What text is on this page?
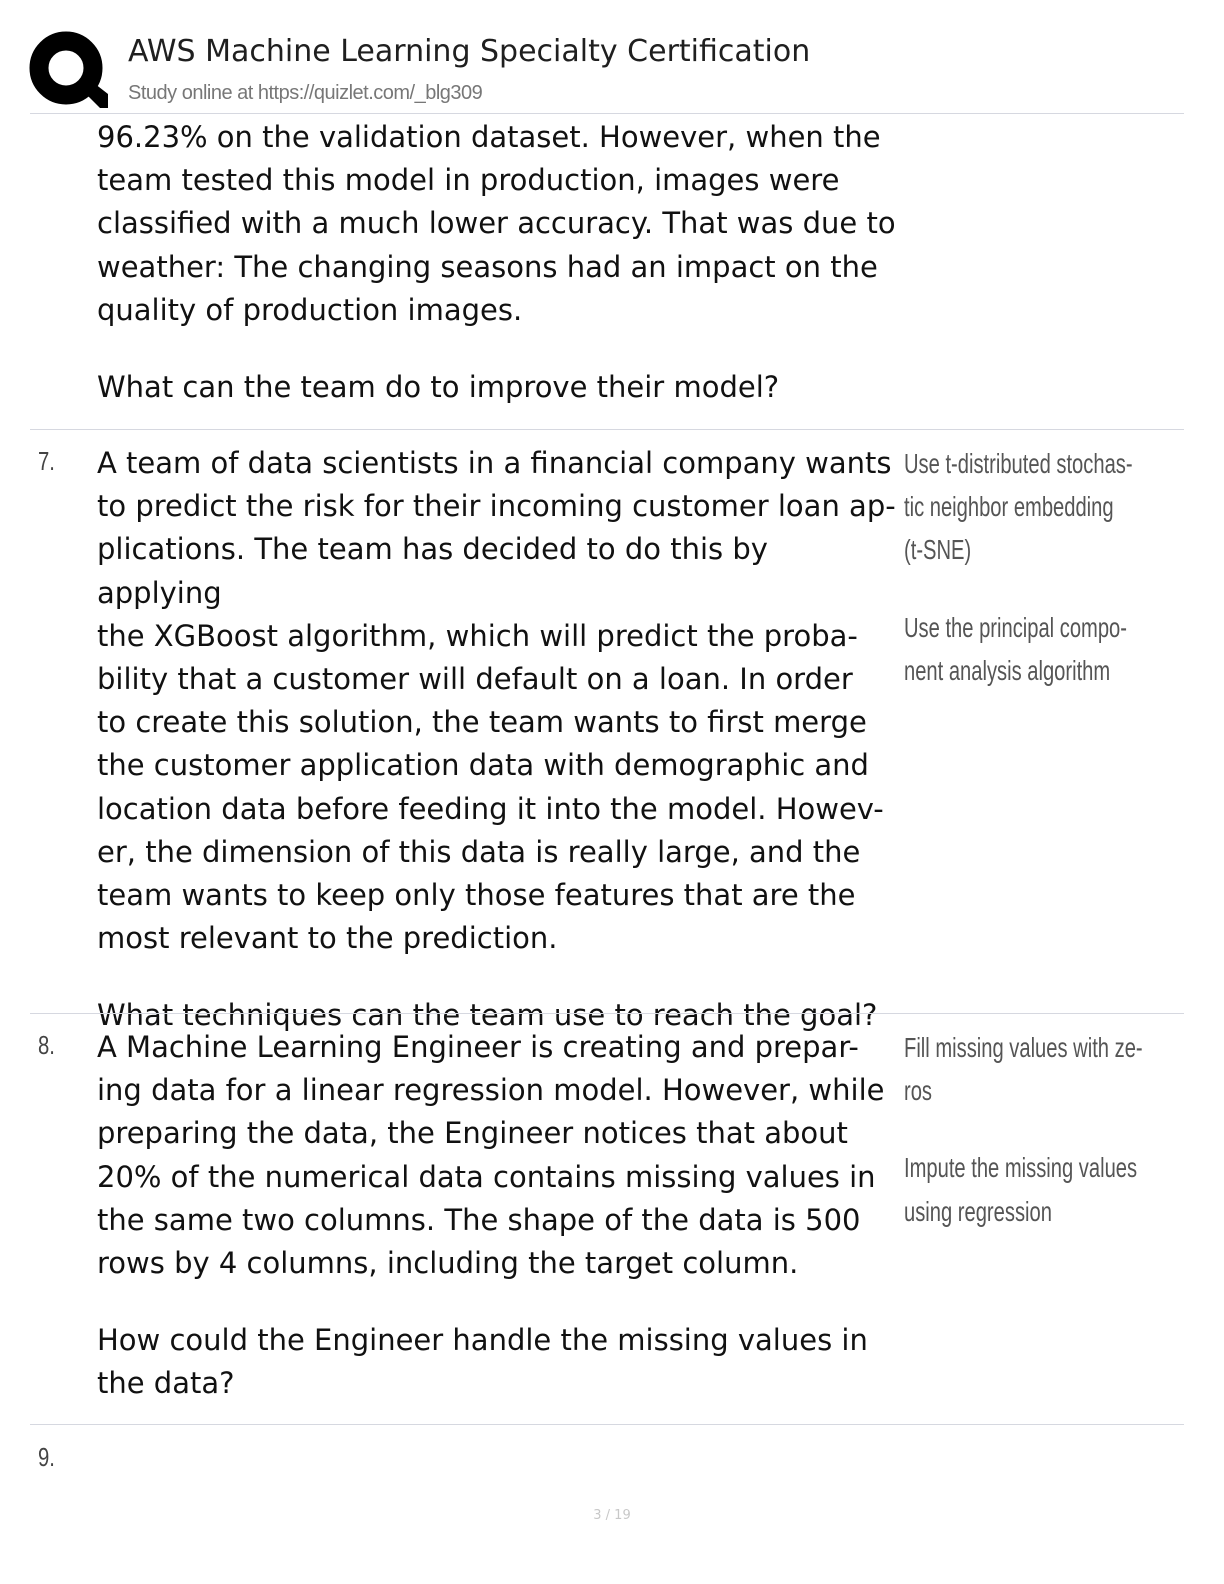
AWS Machine Learning Specialty Certification
Study online at https://quizlet.com/_blg309

96.23% on the validation dataset. However, when the
team tested this model in production, images were
classified with a much lower accuracy. That was due to
weather: The changing seasons had an impact on the
quality of production images.

What can the team do to improve their model?

7. A team of data scientists in a financial company wants
to predict the risk for their incoming customer loan ap-
plications. The team has decided to do this by applying
the XGBoost algorithm, which will predict the proba-
bility that a customer will default on a loan. In order
to create this solution, the team wants to first merge
the customer application data with demographic and
location data before feeding it into the model. Howev-
er, the dimension of this data is really large, and the
team wants to keep only those features that are the
most relevant to the prediction.

What techniques can the team use to reach the goal?

Use t-distributed stochas-
tic neighbor embedding
(t-SNE)
Use the principal compo-
nent analysis algorithm
8. A Machine Learning Engineer is creating and prepar-
ing data for a linear regression model. However, while
preparing the data, the Engineer notices that about
20% of the numerical data contains missing values in
the same two columns. The shape of the data is 500
rows by 4 columns, including the target column.

How could the Engineer handle the missing values in
the data?

Fill missing values with ze-
ros
Impute the missing values
using regression
9.
3 / 19
